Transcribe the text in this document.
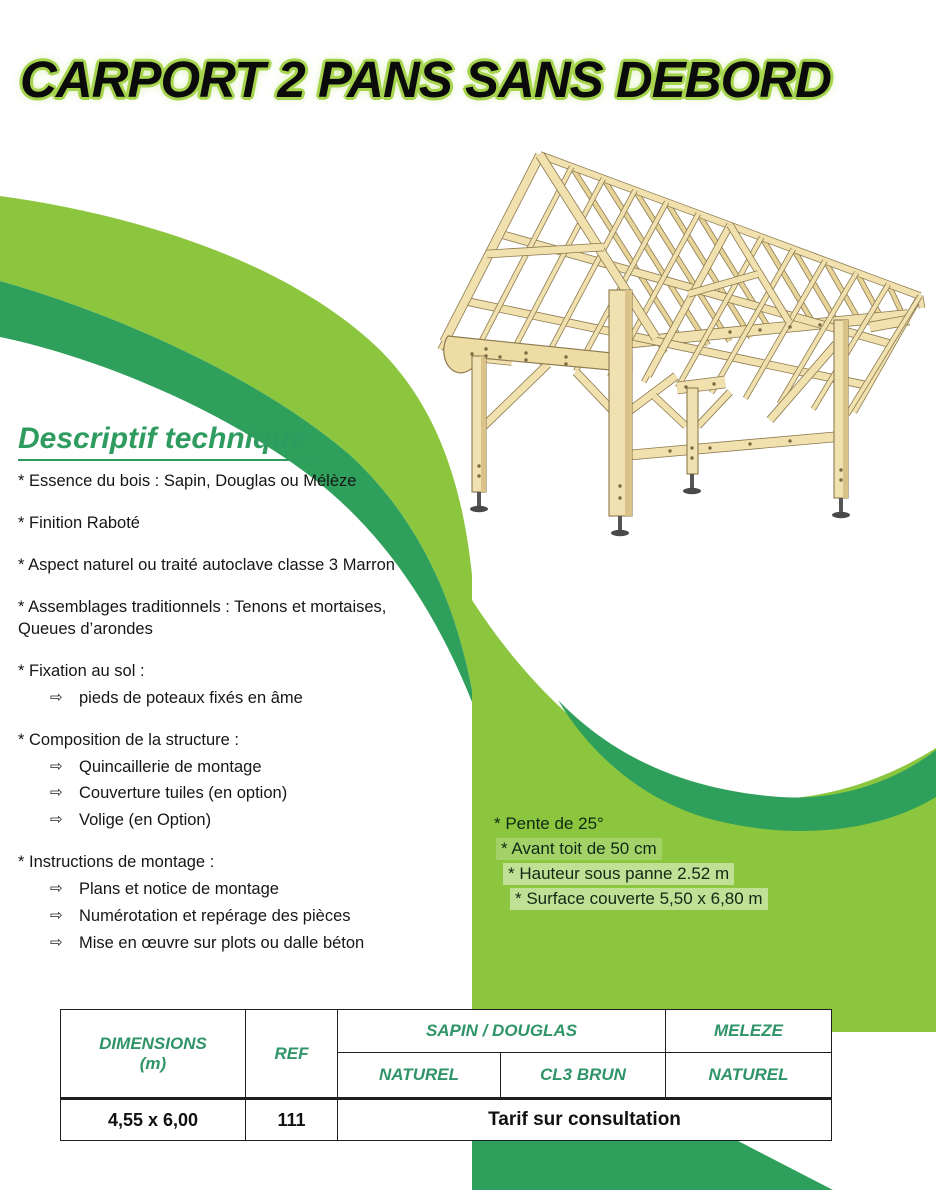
CARPORT 2 PANS SANS DEBORD
Descriptif technique
* Essence du bois : Sapin, Douglas ou Mélèze
* Finition Raboté
* Aspect naturel ou traité autoclave classe 3 Marron
* Assemblages traditionnels : Tenons et mortaises, Queues d’arondes
* Fixation au sol :
⇨ pieds de poteaux fixés en âme
* Composition de la structure :
⇨ Quincaillerie de montage
⇨ Couverture tuiles (en option)
⇨ Volige (en Option)
* Instructions de montage :
⇨ Plans et notice de montage
⇨ Numérotation et repérage des pièces
⇨ Mise en œuvre sur plots ou dalle béton
* Pente de 25°
* Avant toit de 50 cm
* Hauteur sous panne 2.52 m
* Surface couverte 5,50 x 6,80 m
DIMENSIONS
(m)	REF	SAPIN / DOUGLAS		MELEZE
		NATUREL	CL3 BRUN	NATUREL
4,55 x 6,00	111	Tarif sur consultation		
